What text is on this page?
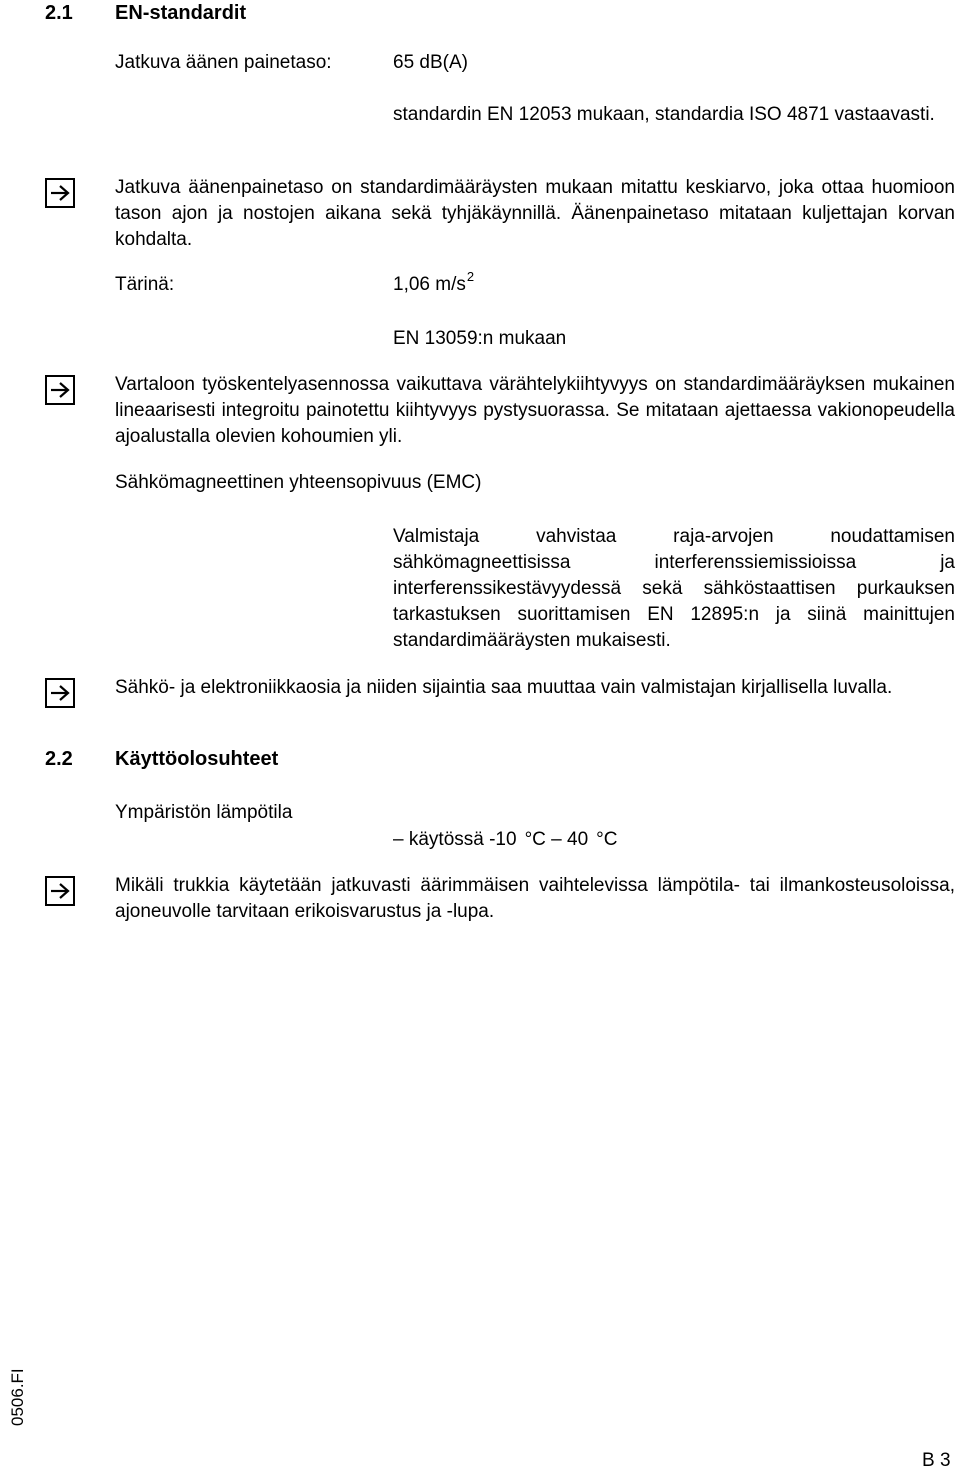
2.1 EN-standardit
Jatkuva äänen painetaso:	65 dB(A)
standardin EN 12053 mukaan, standardia ISO 4871 vastaavasti.
Jatkuva äänenpainetaso on standardimääräysten mukaan mitattu keskiarvo, joka ottaa huomioon tason ajon ja nostojen aikana sekä tyhjäkäynnillä. Äänenpainetaso mitataan kuljettajan korvan kohdalta.
Tärinä:	1,06 $m/s^2$
EN 13059:n mukaan
Vartaloon työskentelyasennossa vaikuttava värähtelykiihtyvyys on standardimääräyksen mukainen lineaarisesti integroitu painotettu kiihtyvyys pystysuorassa. Se mitataan ajettaessa vakionopeudella ajoalustalla olevien kohoumien yli.
Sähkömagneettinen yhteensopivuus (EMC)
Valmistaja vahvistaa raja-arvojen noudattamisen sähkömagneettisissa interferenssiemissioissa ja interferenssikestävyydessä sekä sähköstaattisen purkauksen tarkastuksen suorittamisen EN 12895:n ja siinä mainittujen standardimääräysten mukaisesti.
Sähkö- ja elektroniikkaosia ja niiden sijaintia saa muuttaa vain valmistajan kirjallisella luvalla.
2.2 Käyttöolosuhteet
Ympäristön lämpötila
– käytössä -10 °C – 40 °C
Mikäli trukkia käytetään jatkuvasti äärimmäisen vaihtelevissa lämpötila- tai ilmankosteusoloissa, ajoneuvolle tarvitaan erikoisvarustus ja -lupa.
0506.FI
B 3
